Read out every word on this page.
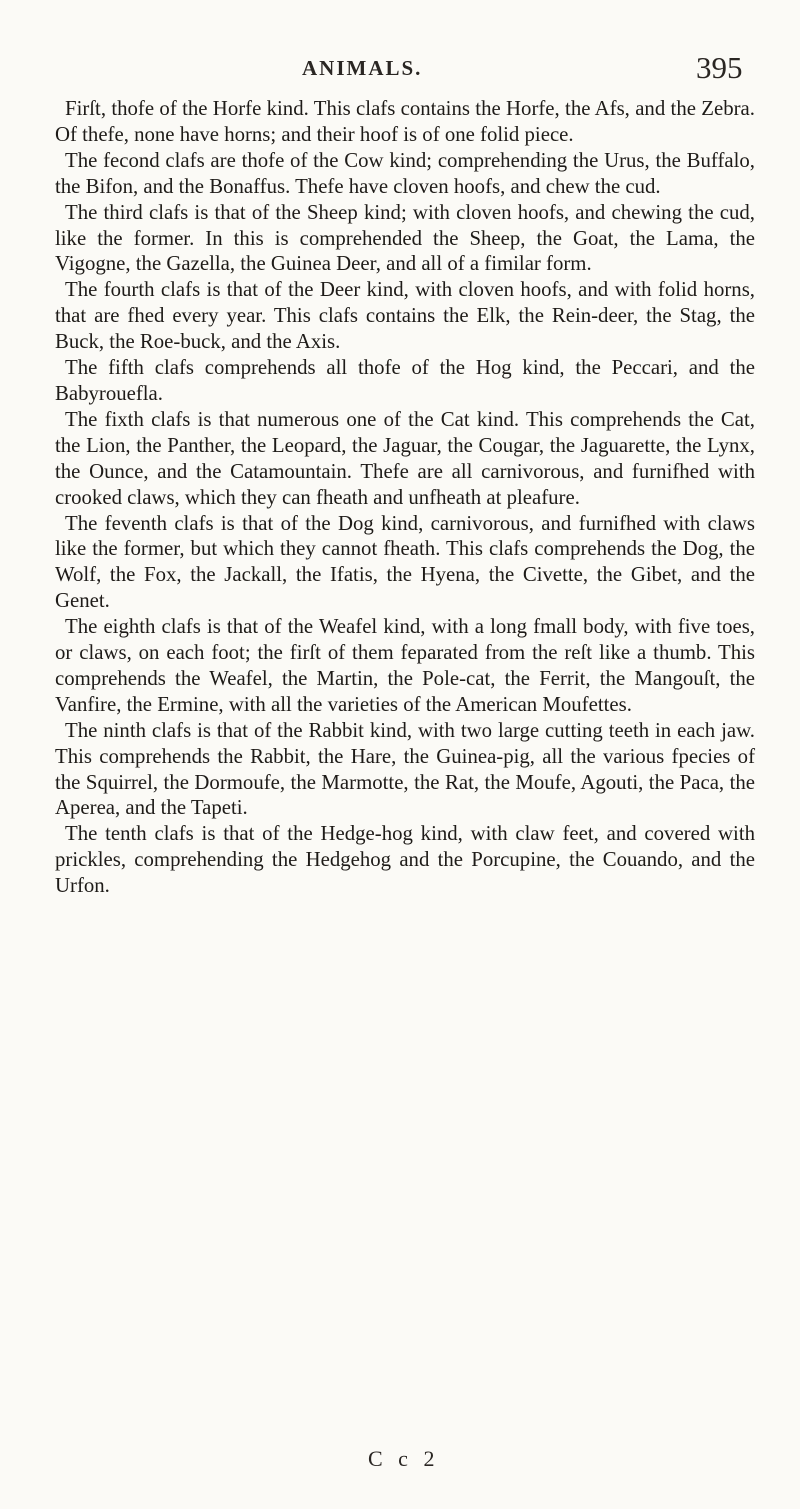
ANIMALS.	395

Firſt, thofe of the Horfe kind. This clafs contains the Horfe, the Afs, and the Zebra. Of thefe, none have horns; and their hoof is of one folid piece.

The fecond clafs are thofe of the Cow kind; comprehending the Urus, the Buffalo, the Bifon, and the Bonaffus. Thefe have cloven hoofs, and chew the cud.

The third clafs is that of the Sheep kind; with cloven hoofs, and chewing the cud, like the former. In this is comprehended the Sheep, the Goat, the Lama, the Vigogne, the Gazella, the Guinea Deer, and all of a fimilar form.

The fourth clafs is that of the Deer kind, with cloven hoofs, and with folid horns, that are fhed every year. This clafs contains the Elk, the Rein-deer, the Stag, the Buck, the Roe-buck, and the Axis.

The fifth clafs comprehends all thofe of the Hog kind, the Peccari, and the Babyrouefla.

The fixth clafs is that numerous one of the Cat kind. This comprehends the Cat, the Lion, the Panther, the Leopard, the Jaguar, the Cougar, the Jaguarette, the Lynx, the Ounce, and the Catamountain. Thefe are all carnivorous, and furnifhed with crooked claws, which they can fheath and unfheath at pleafure.

The feventh clafs is that of the Dog kind, carnivorous, and furnifhed with claws like the former, but which they cannot fheath. This clafs comprehends the Dog, the Wolf, the Fox, the Jackall, the Ifatis, the Hyena, the Civette, the Gibet, and the Genet.

The eighth clafs is that of the Weafel kind, with a long fmall body, with five toes, or claws, on each foot; the firſt of them feparated from the reſt like a thumb. This comprehends the Weafel, the Martin, the Pole-cat, the Ferrit, the Mangouſt, the Vanfire, the Ermine, with all the varieties of the American Moufettes.

The ninth clafs is that of the Rabbit kind, with two large cutting teeth in each jaw. This comprehends the Rabbit, the Hare, the Guinea-pig, all the various fpecies of the Squirrel, the Dormoufe, the Marmotte, the Rat, the Moufe, Agouti, the Paca, the Aperea, and the Tapeti.

The tenth clafs is that of the Hedge-hog kind, with claw feet, and covered with prickles, comprehending the Hedgehog and the Porcupine, the Couando, and the Urfon.

C c 2
